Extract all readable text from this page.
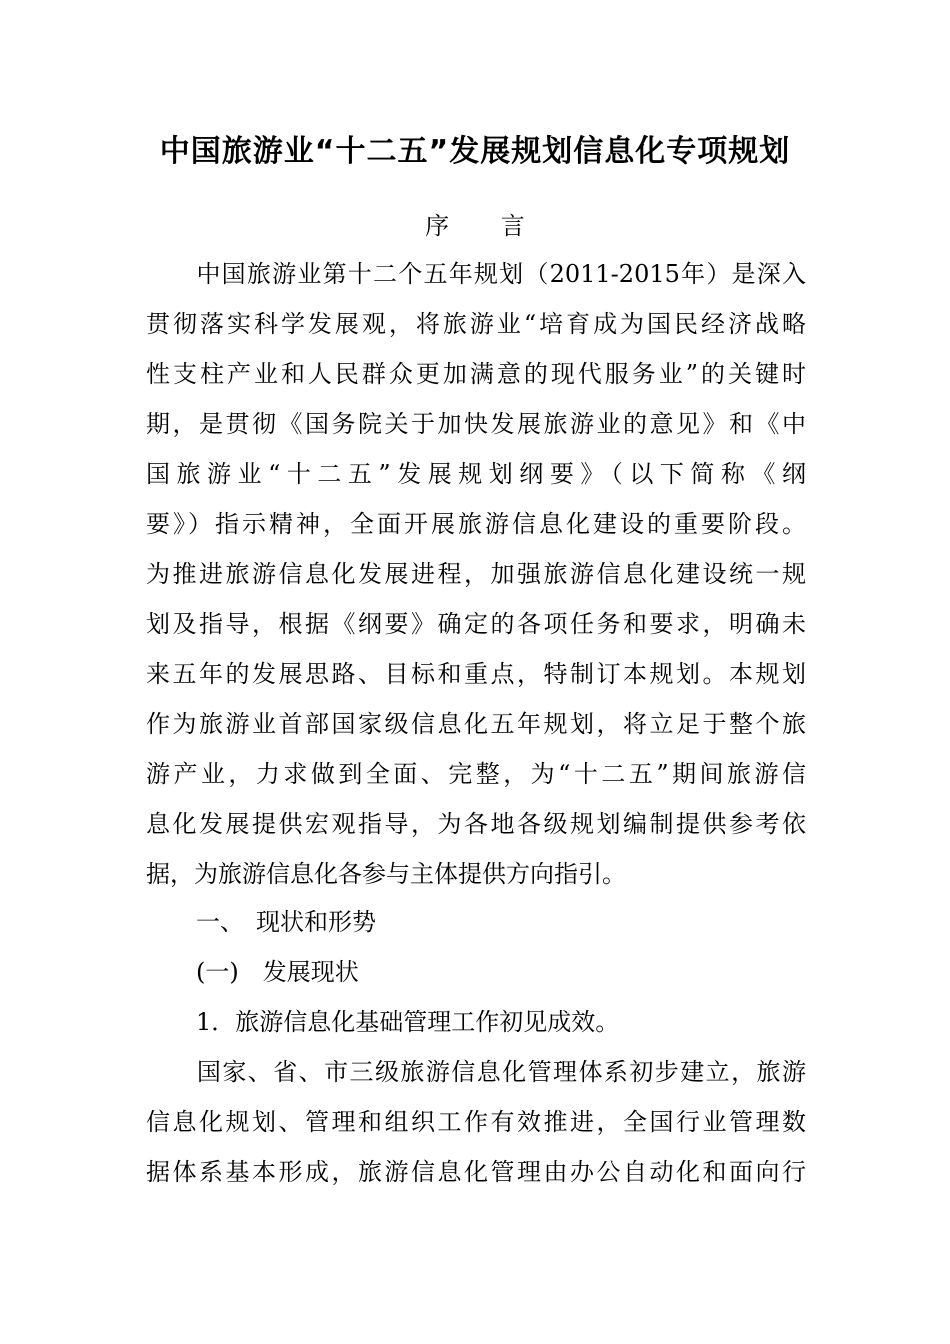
中国旅游业“十二五”发展规划信息化专项规划
序 言
　　中国旅游业第十二个五年规划（2011-2015年）是深入
贯彻落实科学发展观，将旅游业“培育成为国民经济战略
性支柱产业和人民群众更加满意的现代服务业”的关键时
期，是贯彻《国务院关于加快发展旅游业的意见》和《中
国旅游业“十二五”发展规划纲要》（以下简称《纲
要》）指示精神，全面开展旅游信息化建设的重要阶段。
为推进旅游信息化发展进程，加强旅游信息化建设统一规
划及指导，根据《纲要》确定的各项任务和要求，明确未
来五年的发展思路、目标和重点，特制订本规划。本规划
作为旅游业首部国家级信息化五年规划，将立足于整个旅
游产业，力求做到全面、完整，为“十二五”期间旅游信
息化发展提供宏观指导，为各地各级规划编制提供参考依
据，为旅游信息化各参与主体提供方向指引。
一、　现状和形势
(一)　发展现状
1．旅游信息化基础管理工作初见成效。
　　国家、省、市三级旅游信息化管理体系初步建立，旅游
信息化规划、管理和组织工作有效推进，全国行业管理数
据体系基本形成，旅游信息化管理由办公自动化和面向行
